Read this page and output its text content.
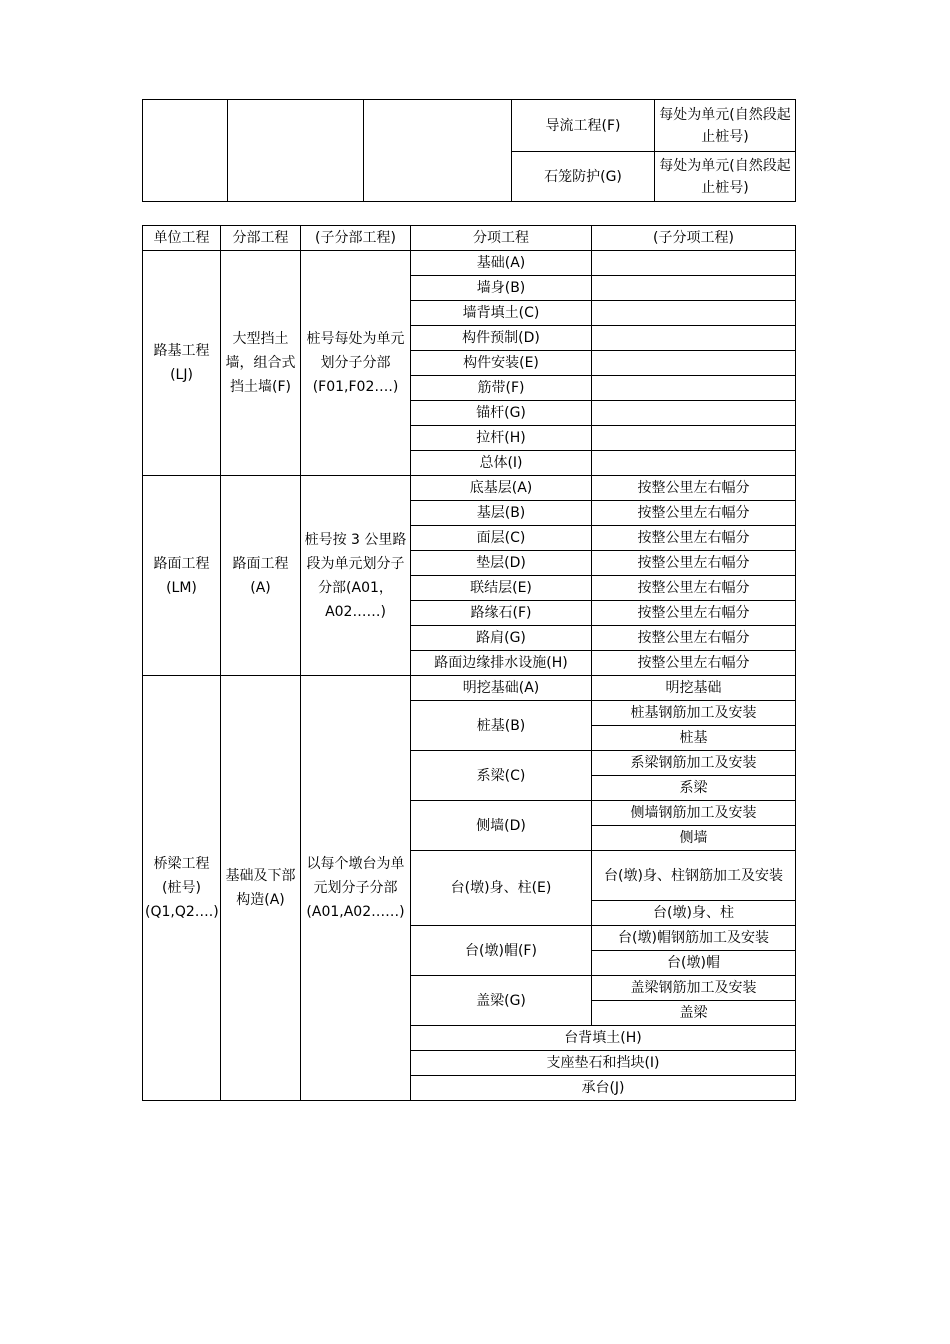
			导流工程(F)	每处为单元(自然段起止桩号)
			石笼防护(G)	每处为单元(自然段起止桩号)
单位工程	分部工程	(子分部工程)	分项工程	(子分项工程)
路基工程(LJ)	大型挡土墙，组合式挡土墙(F)	桩号每处为单元划分子分部(F01,F02….)	基础(A)	
			墙身(B)	
			墙背填土(C)	
			构件预制(D)	
			构件安装(E)	
			筋带(F)	
			锚杆(G)	
			拉杆(H)	
			总体(I)	
路面工程(LM)	路面工程(A)	桩号按 3 公里路段为单元划分子分部(A01，A02……)	底基层(A)	按整公里左右幅分
			基层(B)	按整公里左右幅分
			面层(C)	按整公里左右幅分
			垫层(D)	按整公里左右幅分
			联结层(E)	按整公里左右幅分
			路缘石(F)	按整公里左右幅分
			路肩(G)	按整公里左右幅分
			路面边缘排水设施(H)	按整公里左右幅分
桥梁工程(桩号)(Q1,Q2….)	基础及下部构造(A)	以每个墩台为单元划分子分部(A01,A02……)	明挖基础(A)	明挖基础
			桩基(B)	桩基钢筋加工及安装
				桩基
			系梁(C)	系梁钢筋加工及安装
				系梁
			侧墙(D)	侧墙钢筋加工及安装
				侧墙
			台(墩)身、柱(E)	台(墩)身、柱钢筋加工及安装
				台(墩)身、柱
			台(墩)帽(F)	台(墩)帽钢筋加工及安装
				台(墩)帽
			盖梁(G)	盖梁钢筋加工及安装
				盖梁
			台背填土(H)	
			支座垫石和挡块(I)	
			承台(J)	
